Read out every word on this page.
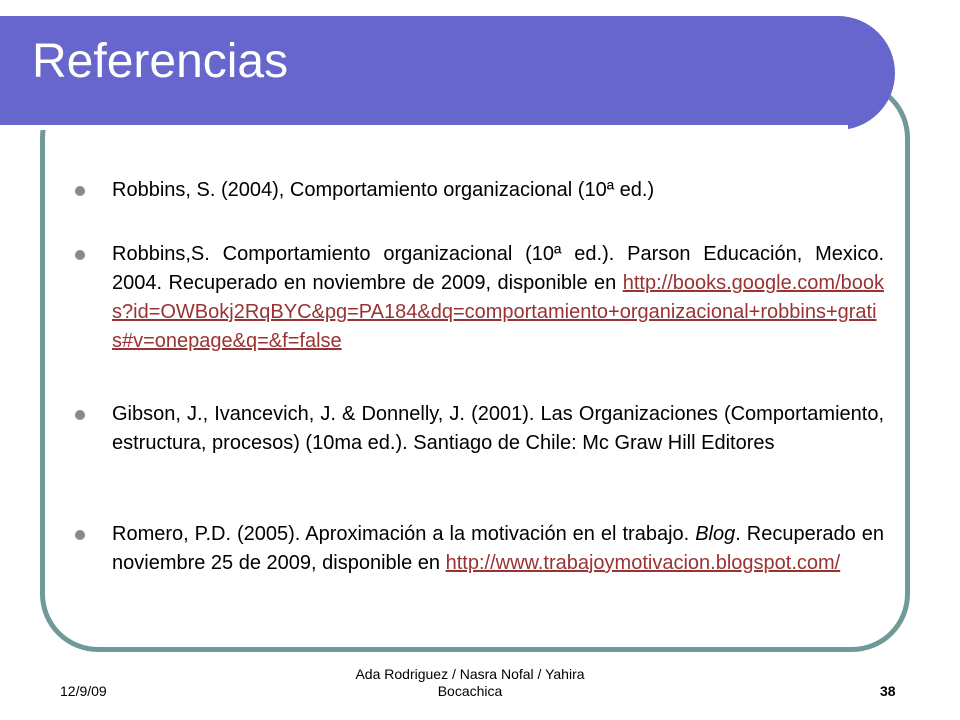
Referencias
Robbins, S. (2004), Comportamiento organizacional (10ª ed.)
Robbins,S. Comportamiento organizacional (10ª ed.). Parson Educación, Mexico. 2004. Recuperado en noviembre de 2009, disponible en http://books.google.com/books?id=OWBokj2RqBYC&pg=PA184&dq=comportamiento+organizacional+robbins+gratis#v=onepage&q=&f=false
Gibson, J., Ivancevich, J. & Donnelly, J. (2001). Las Organizaciones (Comportamiento, estructura, procesos) (10ma ed.). Santiago de Chile: Mc Graw Hill Editores
Romero, P.D. (2005). Aproximación a la motivación en el trabajo. Blog. Recuperado en noviembre 25 de 2009, disponible en http://www.trabajoymotivacion.blogspot.com/
12/9/09
Ada Rodriguez / Nasra Nofal / Yahira Bocachica	38
